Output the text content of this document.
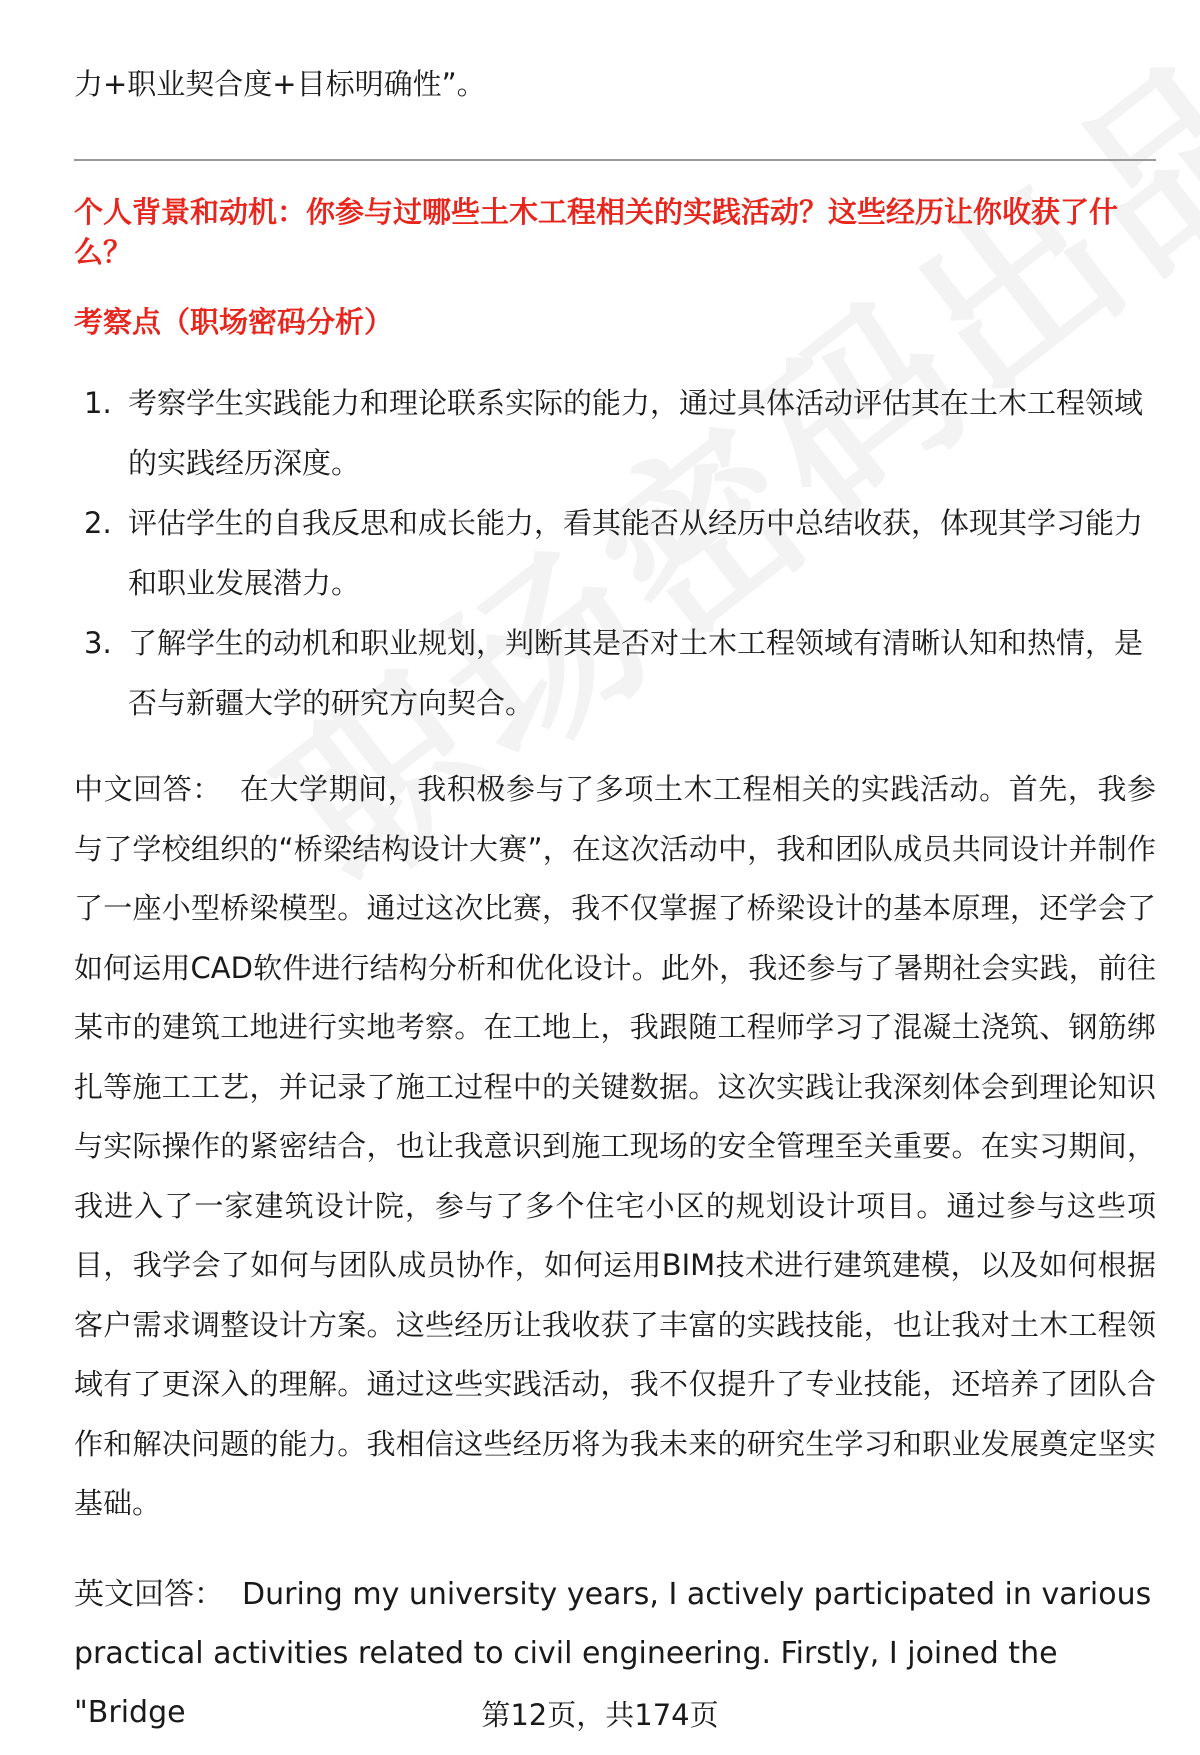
力+职业契合度+目标明确性”。

个人背景和动机：你参与过哪些土木工程相关的实践活动？这些经历让你收获了什么？
考察点（职场密码分析）
1. 考察学生实践能力和理论联系实际的能力，通过具体活动评估其在土木工程领域的实践经历深度。
2. 评估学生的自我反思和成长能力，看其能否从经历中总结收获，体现其学习能力和职业发展潜力。
3. 了解学生的动机和职业规划，判断其是否对土木工程领域有清晰认知和热情，是否与新疆大学的研究方向契合。

中文回答： 在大学期间，我积极参与了多项土木工程相关的实践活动。首先，我参与了学校组织的“桥梁结构设计大赛”，在这次活动中，我和团队成员共同设计并制作了一座小型桥梁模型。通过这次比赛，我不仅掌握了桥梁设计的基本原理，还学会了如何运用CAD软件进行结构分析和优化设计。此外，我还参与了暑期社会实践，前往某市的建筑工地进行实地考察。在工地上，我跟随工程师学习了混凝土浇筑、钢筋绑扎等施工工艺，并记录了施工过程中的关键数据。这次实践让我深刻体会到理论知识与实际操作的紧密结合，也让我意识到施工现场的安全管理至关重要。在实习期间，我进入了一家建筑设计院，参与了多个住宅小区的规划设计项目。通过参与这些项目，我学会了如何与团队成员协作，如何运用BIM技术进行建筑建模，以及如何根据客户需求调整设计方案。这些经历让我收获了丰富的实践技能，也让我对土木工程领域有了更深入的理解。通过这些实践活动，我不仅提升了专业技能，还培养了团队合作和解决问题的能力。我相信这些经历将为我未来的研究生学习和职业发展奠定坚实基础。

英文回答： During my university years, I actively participated in various practical activities related to civil engineering. Firstly, I joined the "Bridge	第12页，共174页
